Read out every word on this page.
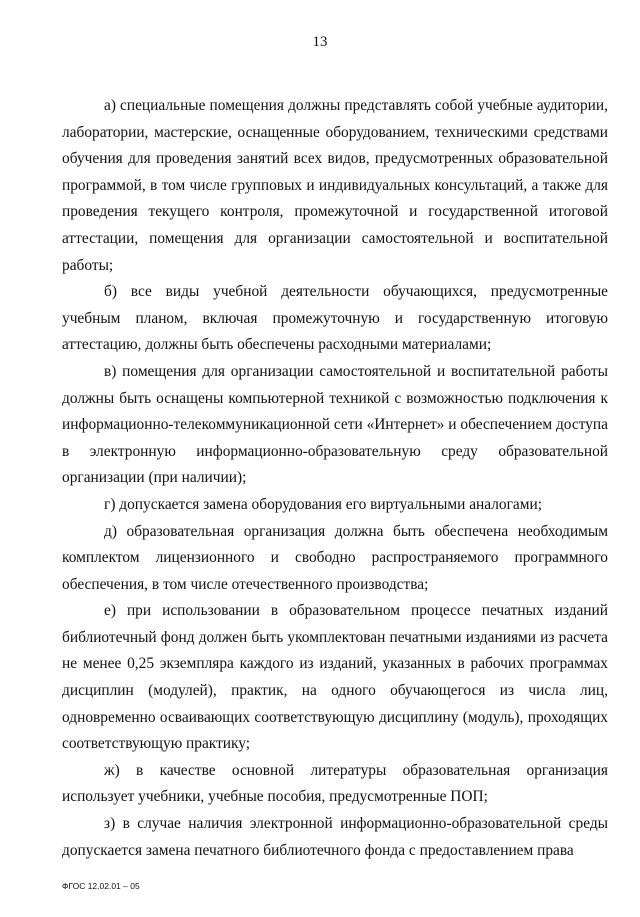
13

а) специальные помещения должны представлять собой учебные аудитории, лаборатории, мастерские, оснащенные оборудованием, техническими средствами обучения для проведения занятий всех видов, предусмотренных образовательной программой, в том числе групповых и индивидуальных консультаций, а также для проведения текущего контроля, промежуточной и государственной итоговой аттестации, помещения для организации самостоятельной и воспитательной работы;

б) все виды учебной деятельности обучающихся, предусмотренные учебным планом, включая промежуточную и государственную итоговую аттестацию, должны быть обеспечены расходными материалами;

в) помещения для организации самостоятельной и воспитательной работы должны быть оснащены компьютерной техникой с возможностью подключения к информационно-телекоммуникационной сети «Интернет» и обеспечением доступа в электронную информационно-образовательную среду образовательной организации (при наличии);

г) допускается замена оборудования его виртуальными аналогами;

д) образовательная организация должна быть обеспечена необходимым комплектом лицензионного и свободно распространяемого программного обеспечения, в том числе отечественного производства;

е) при использовании в образовательном процессе печатных изданий библиотечный фонд должен быть укомплектован печатными изданиями из расчета не менее 0,25 экземпляра каждого из изданий, указанных в рабочих программах дисциплин (модулей), практик, на одного обучающегося из числа лиц, одновременно осваивающих соответствующую дисциплину (модуль), проходящих соответствующую практику;

ж) в качестве основной литературы образовательная организация использует учебники, учебные пособия, предусмотренные ПОП;

з) в случае наличия электронной информационно-образовательной среды допускается замена печатного библиотечного фонда с предоставлением права

ФГОС 12.02.01 – 05
